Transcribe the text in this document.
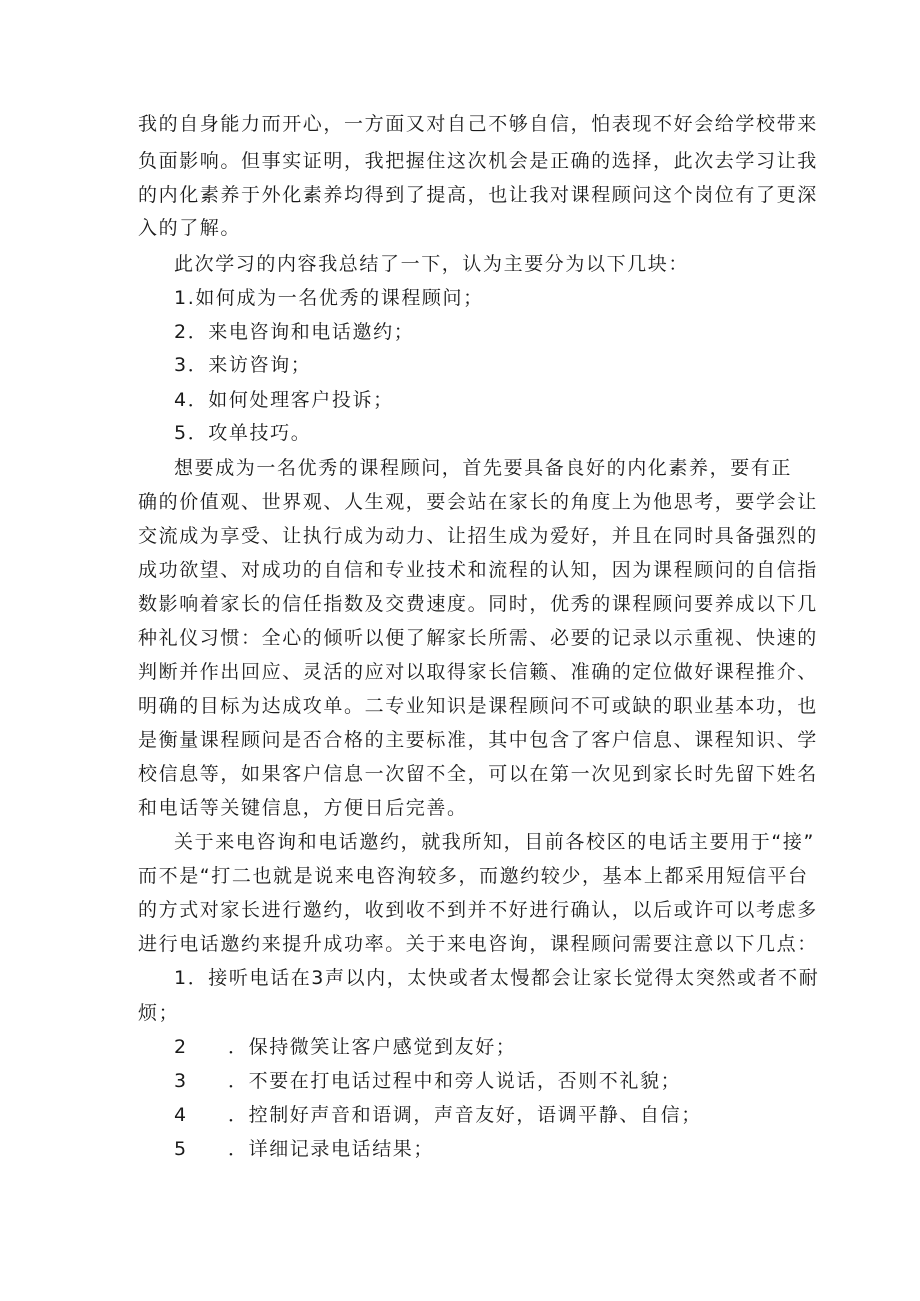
我的自身能力而开心，一方面又对自己不够自信，怕表现不好会给学校带来
负面影响。但事实证明，我把握住这次机会是正确的选择，此次去学习让我
的内化素养于外化素养均得到了提高，也让我对课程顾问这个岗位有了更深
入的了解。
此次学习的内容我总结了一下，认为主要分为以下几块：
1.如何成为一名优秀的课程顾问；
2．来电咨询和电话邀约；
3．来访咨询；
4．如何处理客户投诉；
5．攻单技巧。
想要成为一名优秀的课程顾问，首先要具备良好的内化素养，要有正
确的价值观、世界观、人生观，要会站在家长的角度上为他思考，要学会让
交流成为享受、让执行成为动力、让招生成为爱好，并且在同时具备强烈的
成功欲望、对成功的自信和专业技术和流程的认知，因为课程顾问的自信指
数影响着家长的信任指数及交费速度。同时，优秀的课程顾问要养成以下几
种礼仪习惯：全心的倾听以便了解家长所需、必要的记录以示重视、快速的
判断并作出回应、灵活的应对以取得家长信籁、准确的定位做好课程推介、
明确的目标为达成攻单。二专业知识是课程顾问不可或缺的职业基本功，也
是衡量课程顾问是否合格的主要标准，其中包含了客户信息、课程知识、学
校信息等，如果客户信息一次留不全，可以在第一次见到家长时先留下姓名
和电话等关键信息，方便日后完善。
关于来电咨询和电话邀约，就我所知，目前各校区的电话主要用于“接”
而不是“打二也就是说来电咨洵较多，而邀约较少，基本上都采用短信平台
的方式对家长进行邀约，收到收不到并不好进行确认，以后或许可以考虑多
进行电话邀约来提升成功率。关于来电咨询，课程顾问需要注意以下几点：
1．接听电话在3声以内，太快或者太慢都会让家长觉得太突然或者不耐
烦；
2 ．保持微笑让客户感觉到友好；
3 ．不要在打电话过程中和旁人说话，否则不礼貌；
4 ．控制好声音和语调，声音友好，语调平静、自信；
5 ．详细记录电话结果；
